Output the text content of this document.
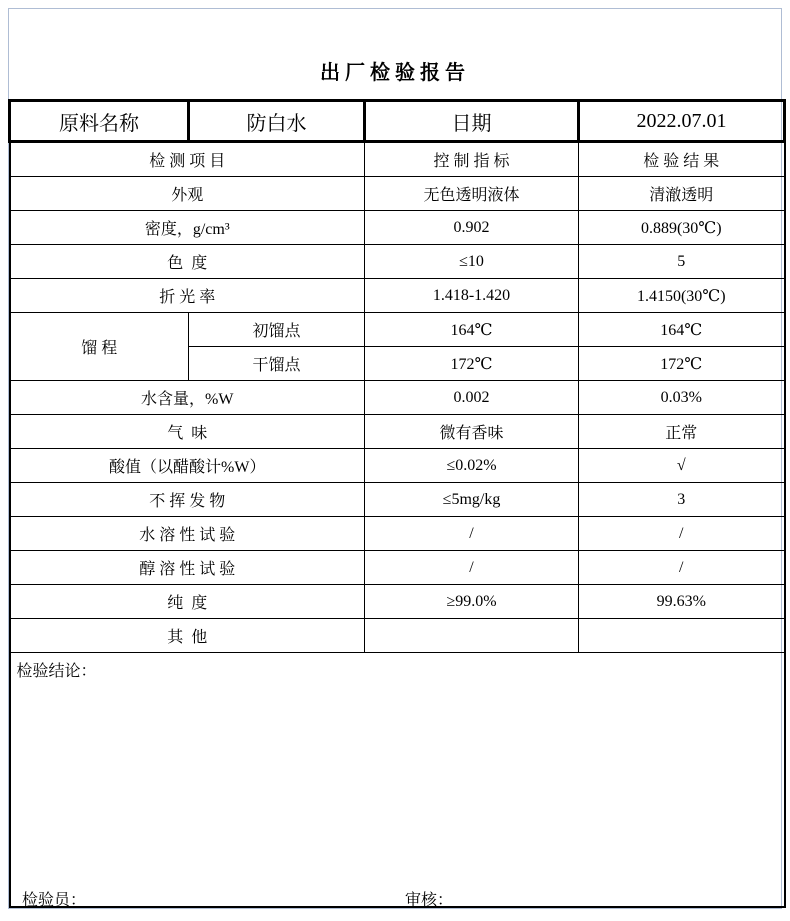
出厂检验报告
原料名称	防白水	日期	2022.07.01
检 测 项 目		控 制 指 标	检 验 结 果
外观		无色透明液体	清澈透明
密度，g/cm³		0.902	0.889(30℃)
色  度		≤10	5
折 光 率		1.418-1.420	1.4150(30℃)
馏 程	初馏点	164℃	164℃
	干馏点	172℃	172℃
水含量，%W		0.002	0.03%
气  味		微有香味	正常
酸值（以醋酸计%W）		≤0.02%	√
不 挥 发 物		≤5mg/kg	3
水 溶 性 试 验		/	/
醇 溶 性 试 验		/	/
纯  度		≥99.0%	99.63%
其  他			
检验结论：			
检验员：	审核：
